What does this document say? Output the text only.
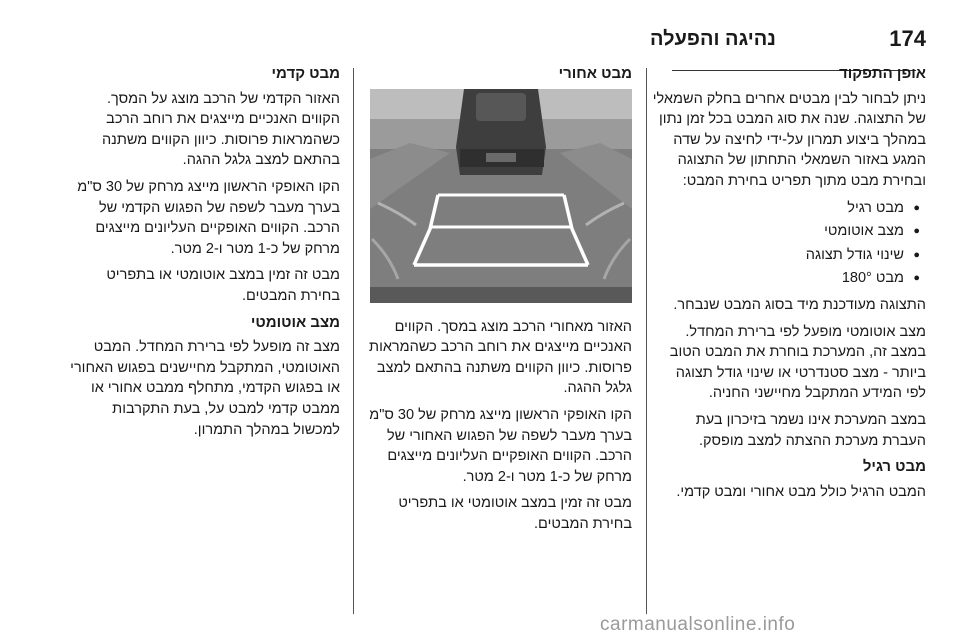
נהיגה והפעלה	174
אופן התפקוד

ניתן לבחור לבין מבטים אחרים בחלק השמאלי של התצוגה. שנה את סוג המבט בכל זמן נתון במהלך ביצוע תמרון על-ידי לחיצה על שדה המגע באזור השמאלי התחתון של התצוגה ובחירת מבט מתוך תפריט בחירת המבט:

● מבט רגיל
● מצב אוטומטי
● שינוי גודל תצוגה
● מבט 180°

התצוגה מעודכנת מיד בסוג המבט שנבחר.

מצב אוטומטי מופעל לפי ברירת המחדל. במצב זה, המערכת בוחרת את המבט הטוב ביותר - מצב סטנדרטי או שינוי גודל תצוגה לפי המידע המתקבל מחיישני החניה.

במצב המערכת אינו נשמר בזיכרון בעת העברת מערכת ההצתה למצב מופסק.

מבט רגיל

המבט הרגיל כולל מבט אחורי ומבט קדמי.

מבט אחורי

האזור מאחורי הרכב מוצג במסך. הקווים האנכיים מייצגים את רוחב הרכב כשהמראות פרוסות. כיוון הקווים משתנה בהתאם למצב גלגל ההגה.

הקו האופקי הראשון מייצג מרחק של 30 ס"מ בערך מעבר לשפה של הפגוש האחורי של הרכב. הקווים האופקיים העליונים מייצגים מרחק של כ-1 מטר ו-2 מטר.

מבט זה זמין במצב אוטומטי או בתפריט בחירת המבטים.

מבט קדמי

האזור הקדמי של הרכב מוצג על המסך. הקווים האנכיים מייצגים את רוחב הרכב כשהמראות פרוסות. כיוון הקווים משתנה בהתאם למצב גלגל ההגה.

הקו האופקי הראשון מייצג מרחק של 30 ס"מ בערך מעבר לשפה של הפגוש הקדמי של הרכב. הקווים האופקיים העליונים מייצגים מרחק של כ-1 מטר ו-2 מטר.

מבט זה זמין במצב אוטומטי או בתפריט בחירת המבטים.

מצב אוטומטי

מצב זה מופעל לפי ברירת המחדל. המבט האוטומטי, המתקבל מחיישנים בפגוש האחורי או בפגוש הקדמי, מתחלף ממבט אחורי או ממבט קדמי למבט על, בעת התקרבות למכשול במהלך התמרון.

carmanualsonline.info
